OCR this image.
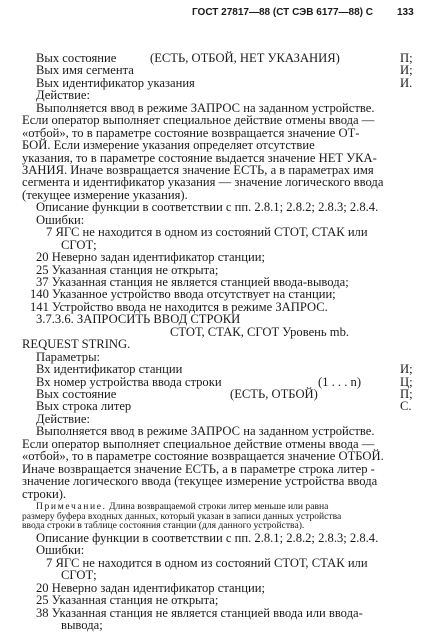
ГОСТ 27817—88 (СТ СЭВ 6177—88) С 133
Вых состояние	(ЕСТЬ, ОТБОЙ, НЕТ УКАЗАНИЯ)	П;
Вых имя сегмента	И;
Вых идентификатор указания	И.
Действие:
Выполняется ввод в режиме ЗАПРОС на заданном устройстве.
Если оператор выполняет специальное действие отмены ввода —
«отбой», то в параметре состояние возвращается значение ОТ-
БОЙ. Если измерение указания определяет отсутствие
указания, то в параметре состояние выдается значение НЕТ УКА-
ЗАНИЯ. Иначе возвращается значение ЕСТЬ, а в параметрах имя
сегмента и идентификатор указания — значение логического ввода
(текущее измерение указания).
Описание функции в соответствии с пп. 2.8.1; 2.8.2; 2.8.3; 2.8.4.
Ошибки:
7 ЯГС не находится в одном из состояний СТОТ, СТАК или
СГОТ;
20 Неверно задан идентификатор станции;
25 Указанная станция не открыта;
37 Указанная станция не является станцией ввода-вывода;
140 Указанное устройство ввода отсутствует на станции;
141 Устройство ввода не находится в режиме ЗАПРОС.
3.7.3.6. ЗАПРОСИТЬ ВВОД СТРОКИ
СТОТ, СТАК, СГОТ Уровень mb.
REQUEST STRING.
Параметры:
Вх идентификатор станции	И;
Вх номер устройства ввода строки	(1 . . . n)	Ц;
Вых состояние	(ЕСТЬ, ОТБОЙ)	П;
Вых строка литер	С.
Действие:
Выполняется ввод в режиме ЗАПРОС на заданном устройстве.
Если оператор выполняет специальное действие отмены ввода —
«отбой», то в параметре состояние возвращается значение ОТБОЙ.
Иначе возвращается значение ЕСТЬ, а в параметре строка литер -
значение логического ввода (текущее измерение устройства ввода
строки).
Примечание. Длина возвращаемой строки литер меньше или равна
размеру буфера входных данных, который указан в записи данных устройства
ввода строки в таблице состояния станции (для данного устройства).
Описание функции в соответствии с пп. 2.8.1; 2.8.2; 2.8.3; 2.8.4.
Ошибки:
7 ЯГС не находится в одном из состояний СТОТ, СТАК или
СГОТ;
20 Неверно задан идентификатор станции;
25 Указанная станция не открыта;
38 Указанная станция не является станцией ввода или ввода-
вывода;
